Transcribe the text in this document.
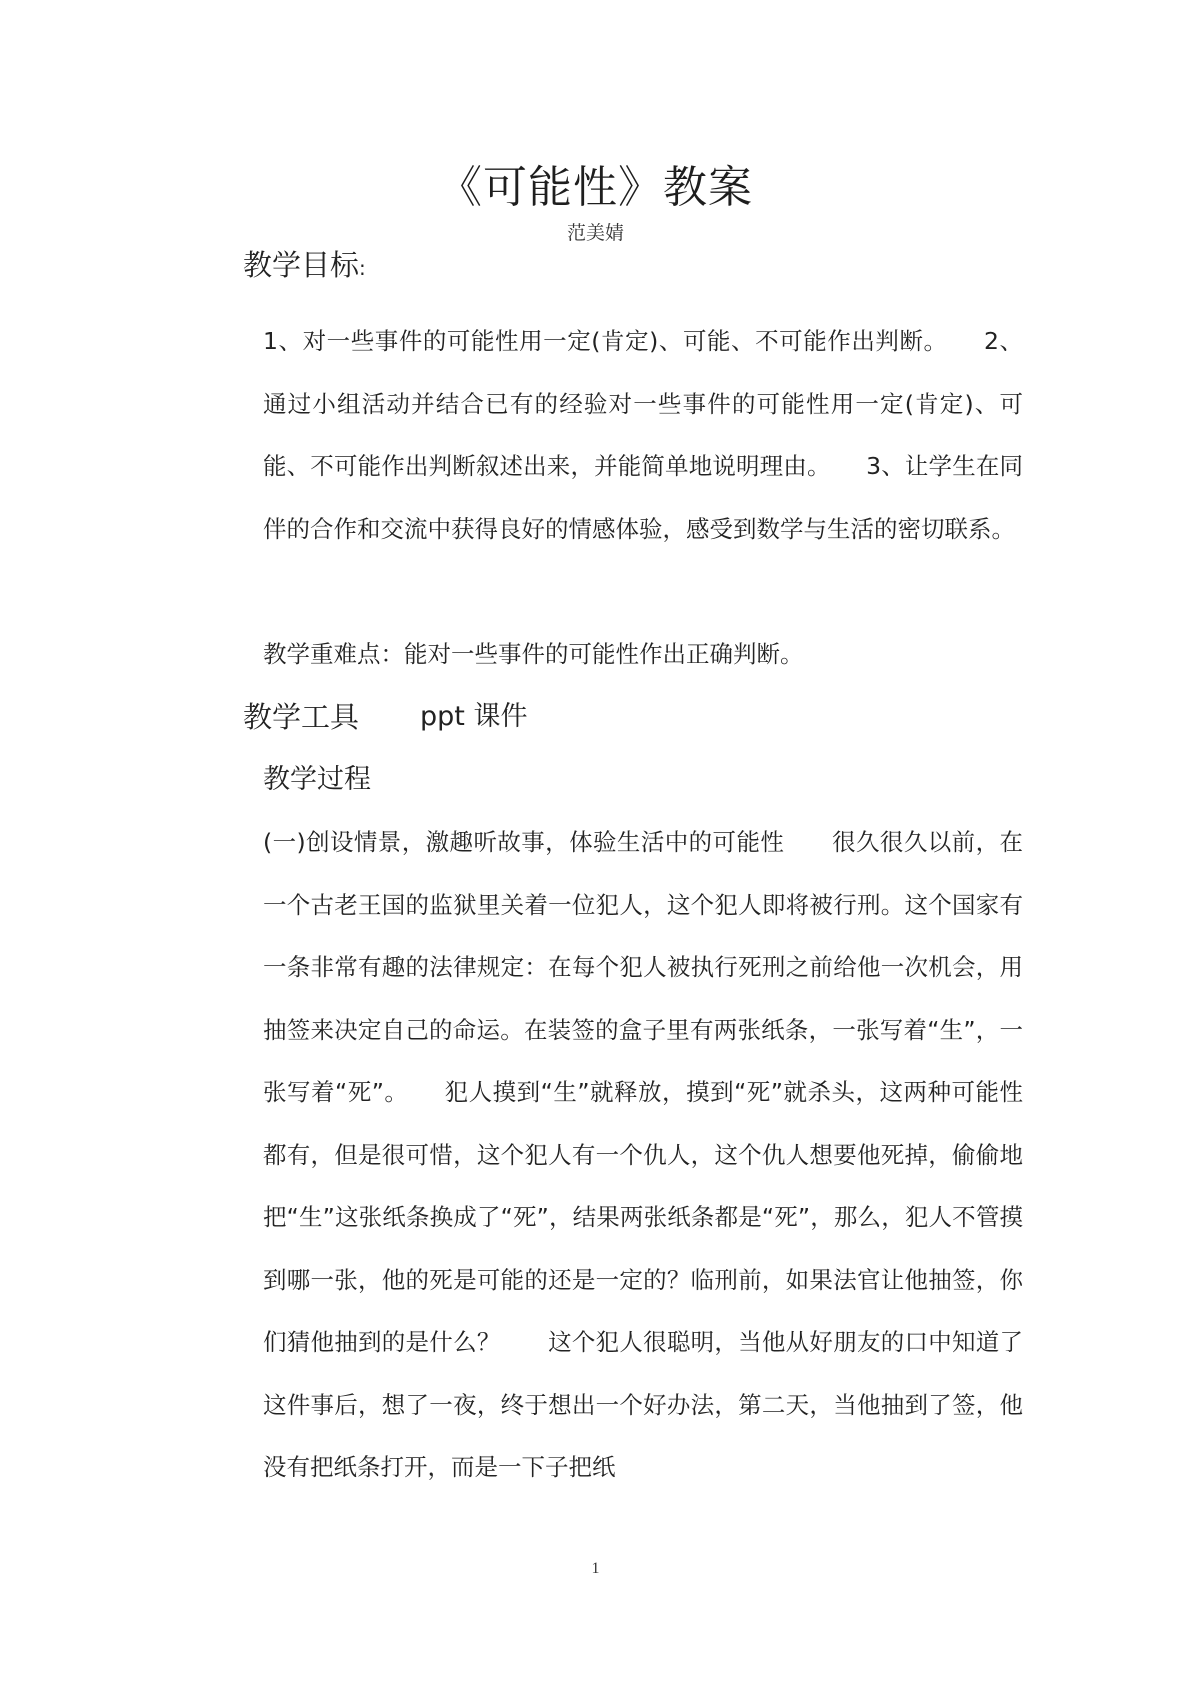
《可能性》教案
范美婧
教学目标:

1、对一些事件的可能性用一定(肯定)、可能、不可能作出判断。　　2、通过小组活动并结合已有的经验对一些事件的可能性用一定(肯定)、可能、不可能作出判断叙述出来，并能简单地说明理由。　　3、让学生在同伴的合作和交流中获得良好的情感体验，感受到数学与生活的密切联系。

教学重难点：能对一些事件的可能性作出正确判断。

教学工具 ppt 课件
教学过程

(一)创设情景，激趣听故事，体验生活中的可能性　　很久很久以前，在一个古老王国的监狱里关着一位犯人，这个犯人即将被行刑。这个国家有一条非常有趣的法律规定：在每个犯人被执行死刑之前给他一次机会，用抽签来决定自己的命运。在装签的盒子里有两张纸条，一张写着“生”，一张写着“死”。　　犯人摸到“生”就释放，摸到“死”就杀头，这两种可能性都有，但是很可惜，这个犯人有一个仇人，这个仇人想要他死掉，偷偷地把“生”这张纸条换成了“死”，结果两张纸条都是“死”，那么，犯人不管摸到哪一张，他的死是可能的还是一定的？临刑前，如果法官让他抽签，你们猜他抽到的是什么？　　这个犯人很聪明，当他从好朋友的口中知道了这件事后，想了一夜，终于想出一个好办法，第二天，当他抽到了签，他没有把纸条打开，而是一下子把纸

1
